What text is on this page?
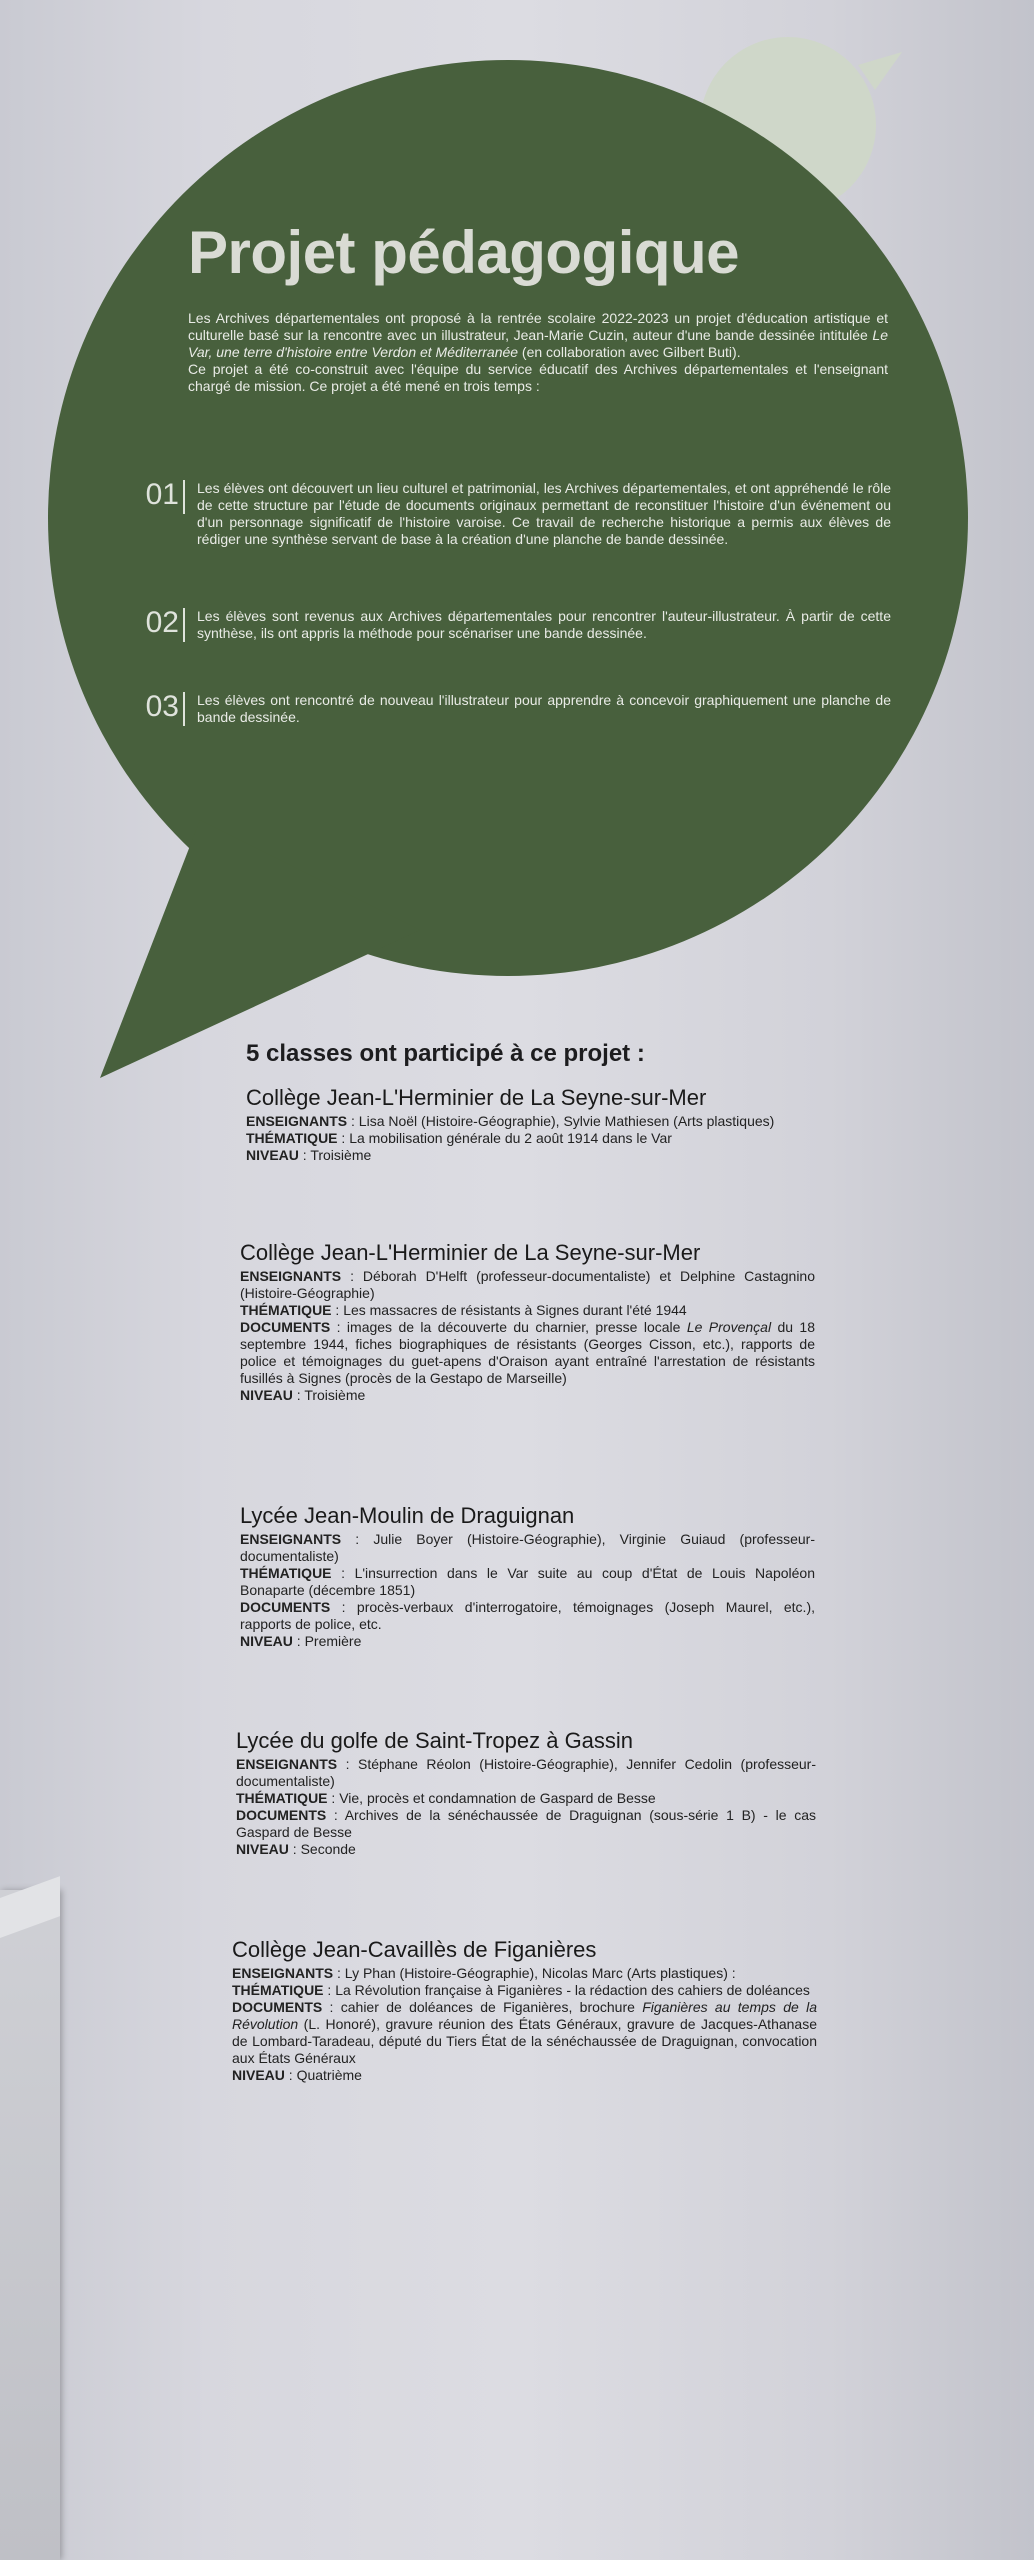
Projet pédagogique

Les Archives départementales ont proposé à la rentrée scolaire 2022-2023 un projet d'éducation artistique et culturelle basé sur la rencontre avec un illustrateur, Jean-Marie Cuzin, auteur d'une bande dessinée intitulée Le Var, une terre d'histoire entre Verdon et Méditerranée (en collaboration avec Gilbert Buti).

Ce projet a été co-construit avec l'équipe du service éducatif des Archives départementales et l'enseignant chargé de mission. Ce projet a été mené en trois temps :

01	Les élèves ont découvert un lieu culturel et patrimonial, les Archives départementales, et ont appréhendé le rôle de cette structure par l'étude de documents originaux permettant de reconstituer l'histoire d'un événement ou d'un personnage significatif de l'histoire varoise. Ce travail de recherche historique a permis aux élèves de rédiger une synthèse servant de base à la création d'une planche de bande dessinée.
02	Les élèves sont revenus aux Archives départementales pour rencontrer l'auteur-illustrateur. À partir de cette synthèse, ils ont appris la méthode pour scénariser une bande dessinée.
03	Les élèves ont rencontré de nouveau l'illustrateur pour apprendre à concevoir graphiquement une planche de bande dessinée.
5 classes ont participé à ce projet :
Collège Jean-L'Herminier de La Seyne-sur-Mer

ENSEIGNANTS : Lisa Noël (Histoire-Géographie), Sylvie Mathiesen (Arts plastiques)

THÉMATIQUE : La mobilisation générale du 2 août 1914 dans le Var

NIVEAU : Troisième

Collège Jean-L'Herminier de La Seyne-sur-Mer

ENSEIGNANTS : Déborah D'Helft (professeur-documentaliste) et Delphine Castagnino (Histoire-Géographie)

THÉMATIQUE : Les massacres de résistants à Signes durant l'été 1944

DOCUMENTS : images de la découverte du charnier, presse locale Le Provençal du 18 septembre 1944, fiches biographiques de résistants (Georges Cisson, etc.), rapports de police et témoignages du guet-apens d'Oraison ayant entraîné l'arrestation de résistants fusillés à Signes (procès de la Gestapo de Marseille)

NIVEAU : Troisième

Lycée Jean-Moulin de Draguignan

ENSEIGNANTS : Julie Boyer (Histoire-Géographie), Virginie Guiaud (professeur-documentaliste)

THÉMATIQUE : L'insurrection dans le Var suite au coup d'État de Louis Napoléon Bonaparte (décembre 1851)

DOCUMENTS : procès-verbaux d'interrogatoire, témoignages (Joseph Maurel, etc.), rapports de police, etc.

NIVEAU : Première

Lycée du golfe de Saint-Tropez à Gassin

ENSEIGNANTS : Stéphane Réolon (Histoire-Géographie), Jennifer Cedolin (professeur-documentaliste)

THÉMATIQUE : Vie, procès et condamnation de Gaspard de Besse

DOCUMENTS : Archives de la sénéchaussée de Draguignan (sous-série 1 B) - le cas Gaspard de Besse

NIVEAU : Seconde

Collège Jean-Cavaillès de Figanières

ENSEIGNANTS : Ly Phan (Histoire-Géographie), Nicolas Marc (Arts plastiques) :

THÉMATIQUE : La Révolution française à Figanières - la rédaction des cahiers de doléances

DOCUMENTS : cahier de doléances de Figanières, brochure Figanières au temps de la Révolution (L. Honoré), gravure réunion des États Généraux, gravure de Jacques-Athanase de Lombard-Taradeau, député du Tiers État de la sénéchaussée de Draguignan, convocation aux États Généraux

NIVEAU : Quatrième
